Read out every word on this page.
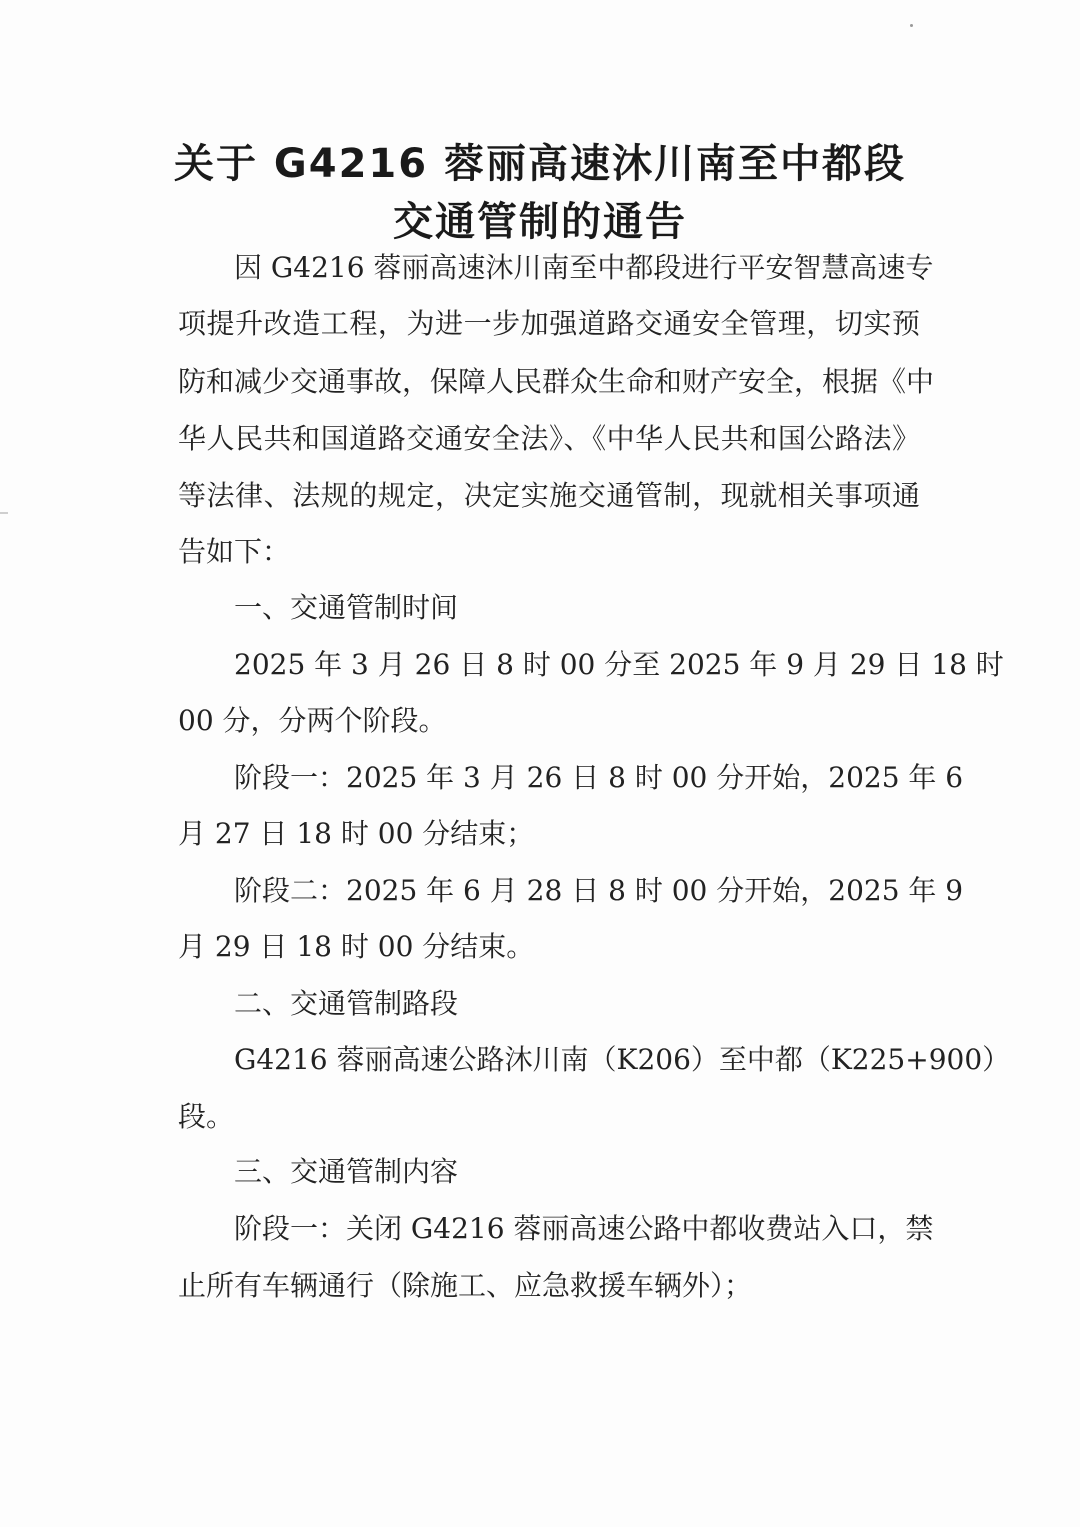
关于 G4216 蓉丽高速沐川南至中都段
交通管制的通告
因 G4216 蓉丽高速沐川南至中都段进行平安智慧高速专
项提升改造工程，为进一步加强道路交通安全管理，切实预
防和减少交通事故，保障人民群众生命和财产安全，根据《中
华人民共和国道路交通安全法》、《中华人民共和国公路法》
等法律、法规的规定，决定实施交通管制，现就相关事项通
告如下：
一、交通管制时间
2025 年 3 月 26 日 8 时 00 分至 2025 年 9 月 29 日 18 时
00 分，分两个阶段。
阶段一：2025 年 3 月 26 日 8 时 00 分开始，2025 年 6
月 27 日 18 时 00 分结束；
阶段二：2025 年 6 月 28 日 8 时 00 分开始，2025 年 9
月 29 日 18 时 00 分结束。
二、交通管制路段
G4216 蓉丽高速公路沐川南（K206）至中都（K225+900）
段。
三、交通管制内容
阶段一：关闭 G4216 蓉丽高速公路中都收费站入口，禁
止所有车辆通行（除施工、应急救援车辆外）；
